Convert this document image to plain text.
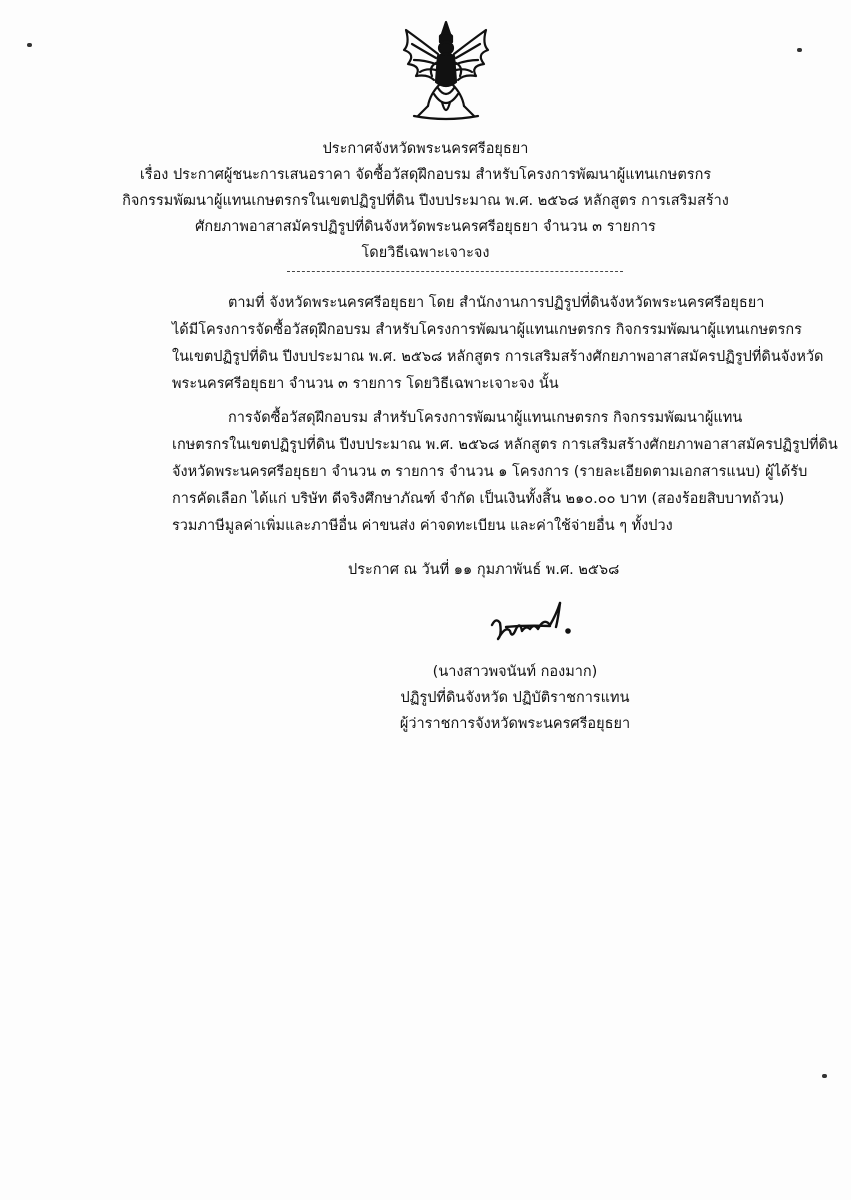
ประกาศจังหวัดพระนครศรีอยุธยา

เรื่อง ประกาศผู้ชนะการเสนอราคา จัดซื้อวัสดุฝึกอบรม สำหรับโครงการพัฒนาผู้แทนเกษตรกร

กิจกรรมพัฒนาผู้แทนเกษตรกรในเขตปฏิรูปที่ดิน ปีงบประมาณ พ.ศ. ๒๕๖๘ หลักสูตร การเสริมสร้าง

ศักยภาพอาสาสมัครปฏิรูปที่ดินจังหวัดพระนครศรีอยุธยา จำนวน ๓ รายการ

โดยวิธีเฉพาะเจาะจง

ตามที่ จังหวัดพระนครศรีอยุธยา โดย สำนักงานการปฏิรูปที่ดินจังหวัดพระนครศรีอยุธยา

ได้มีโครงการจัดซื้อวัสดุฝึกอบรม สำหรับโครงการพัฒนาผู้แทนเกษตรกร กิจกรรมพัฒนาผู้แทนเกษตรกร

ในเขตปฏิรูปที่ดิน ปีงบประมาณ พ.ศ. ๒๕๖๘ หลักสูตร การเสริมสร้างศักยภาพอาสาสมัครปฏิรูปที่ดินจังหวัด

พระนครศรีอยุธยา จำนวน ๓ รายการ โดยวิธีเฉพาะเจาะจง นั้น

การจัดซื้อวัสดุฝึกอบรม สำหรับโครงการพัฒนาผู้แทนเกษตรกร กิจกรรมพัฒนาผู้แทน

เกษตรกรในเขตปฏิรูปที่ดิน ปีงบประมาณ พ.ศ. ๒๕๖๘ หลักสูตร การเสริมสร้างศักยภาพอาสาสมัครปฏิรูปที่ดิน

จังหวัดพระนครศรีอยุธยา จำนวน ๓ รายการ จำนวน ๑ โครงการ (รายละเอียดตามเอกสารแนบ) ผู้ได้รับ

การคัดเลือก ได้แก่ บริษัท ดีจริงศึกษาภัณฑ์ จำกัด เป็นเงินทั้งสิ้น ๒๑๐.๐๐ บาท (สองร้อยสิบบาทถ้วน)

รวมภาษีมูลค่าเพิ่มและภาษีอื่น ค่าขนส่ง ค่าจดทะเบียน และค่าใช้จ่ายอื่น ๆ ทั้งปวง

ประกาศ ณ วันที่ ๑๑ กุมภาพันธ์ พ.ศ. ๒๕๖๘

(นางสาวพจนันท์ กองมาก)

ปฏิรูปที่ดินจังหวัด ปฏิบัติราชการแทน

ผู้ว่าราชการจังหวัดพระนครศรีอยุธยา
